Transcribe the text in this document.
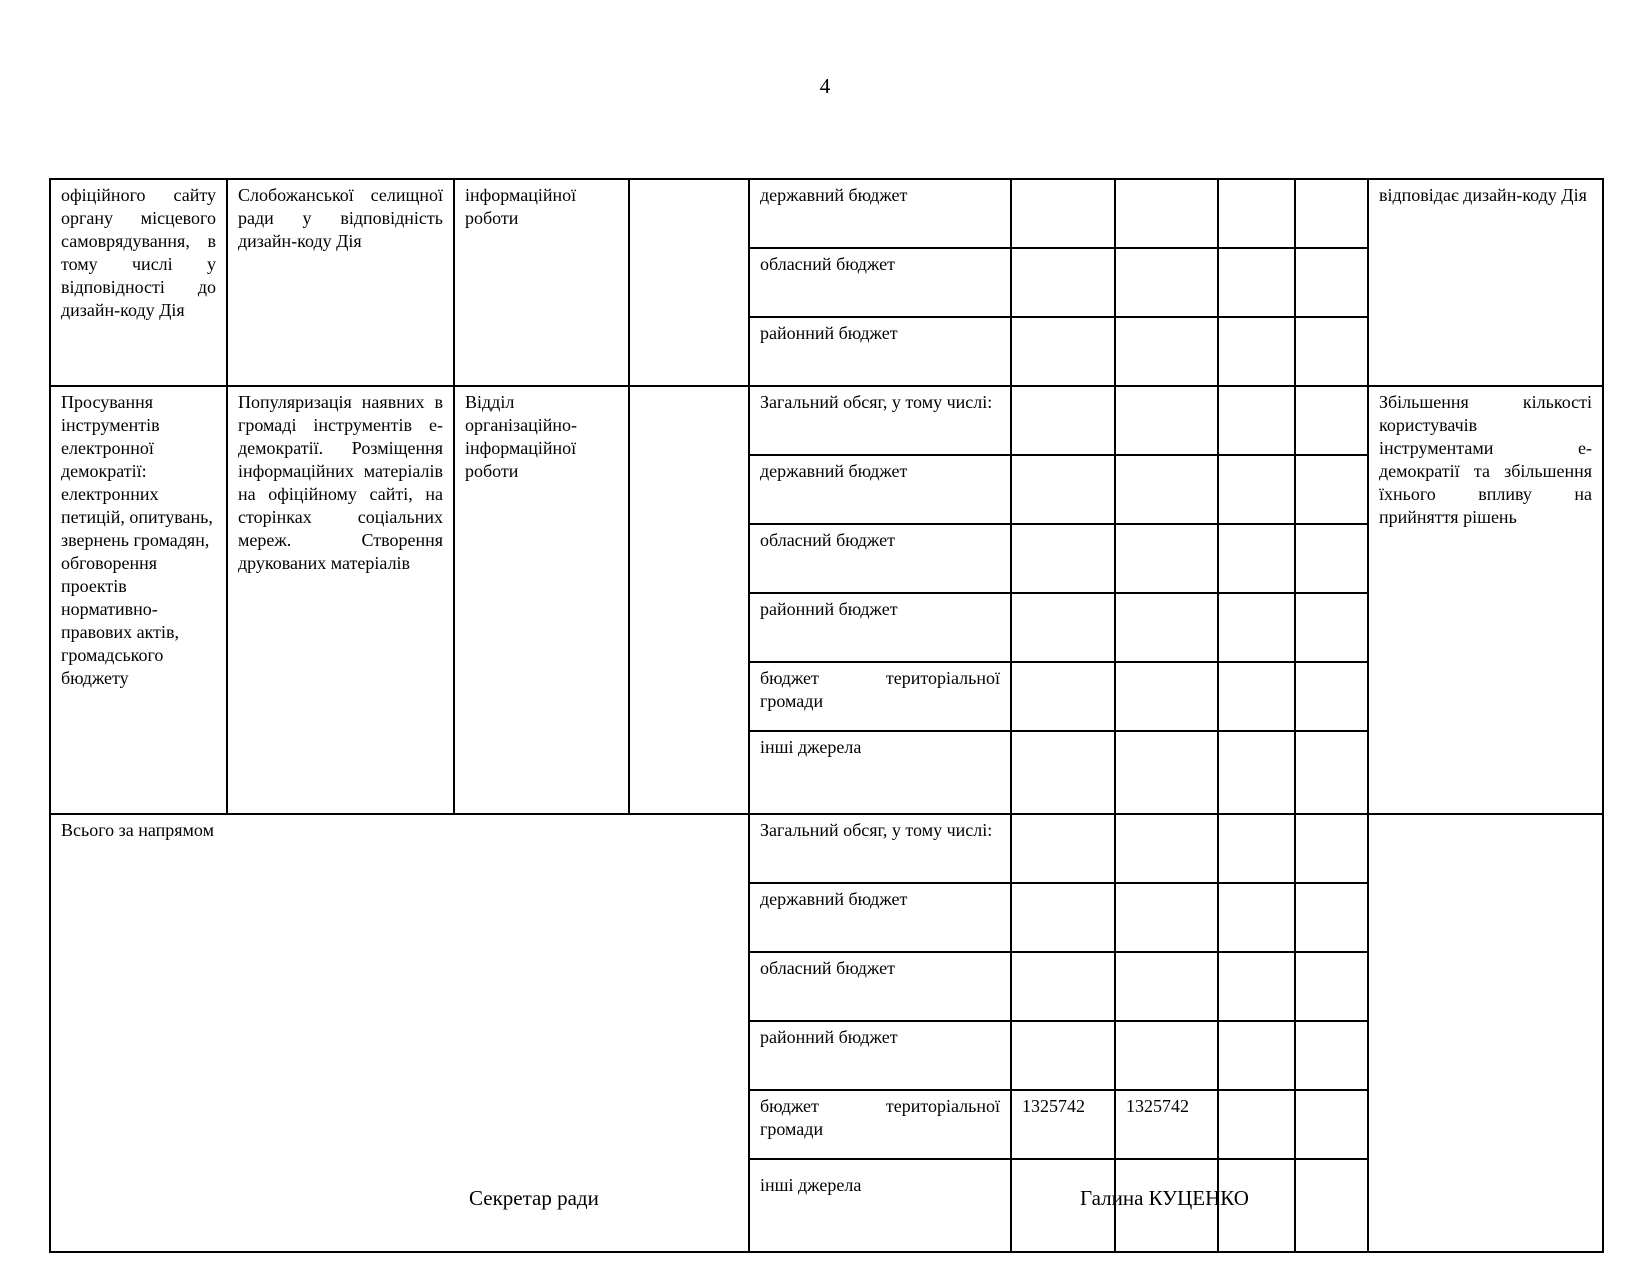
4
офіційного сайту органу місцевого самоврядування, в тому числі у відповідності до дизайн-коду Дія	Слобожанської селищної ради у відповідність дизайн-коду Дія	інформаційної роботи		державний бюджет					відповідає дизайн-коду Дія
				обласний бюджет					
				районний бюджет					
Просування інструментів електронної демократії: електронних петицій, опитувань, звернень громадян, обговорення проектів нормативно-правових актів, громадського бюджету	Популяризація наявних в громаді інструментів е-демократії. Розміщення інформаційних матеріалів на офіційному сайті, на сторінках соціальних мереж. Створення друкованих матеріалів	Відділ організаційно-інформаційної роботи		Загальний обсяг, у тому числі:					Збільшення кількості користувачів інструментами е-демократії та збільшення їхнього впливу на прийняття рішень
				державний бюджет					
				обласний бюджет					
				районний бюджет					
				бюджет територіальної громади					
				інші джерела					
Всього за напрямом				Загальний обсяг, у тому числі:					
				державний бюджет					
				обласний бюджет					
				районний бюджет					
				бюджет територіальної громади	1325742	1325742			
				інші джерела					
Секретар ради	Галина КУЦЕНКО
